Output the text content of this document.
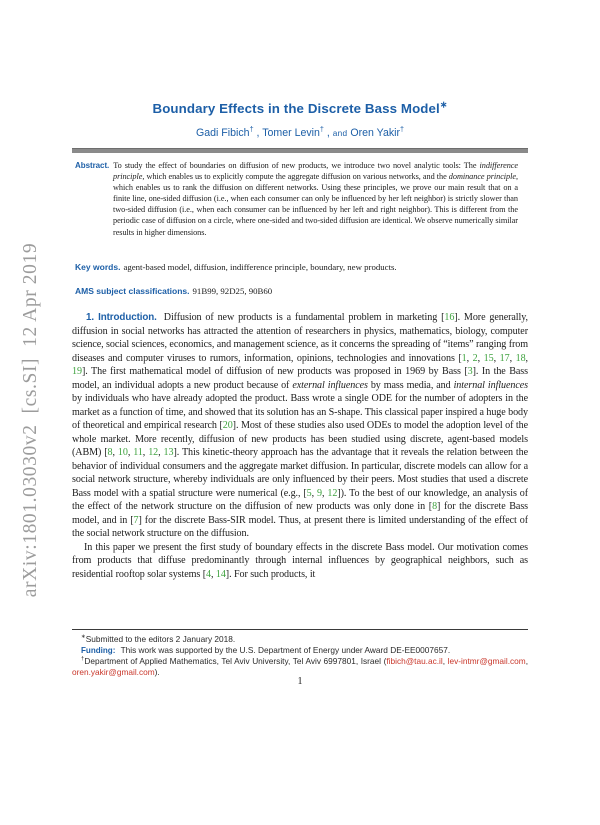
arXiv:1801.03030v2  [cs.SI]  12 Apr 2019
Boundary Effects in the Discrete Bass Model∗
Gadi Fibich† , Tomer Levin† , and Oren Yakir†

Abstract. To study the effect of boundaries on diffusion of new products, we introduce two novel analytic tools: The indifference principle, which enables us to explicitly compute the aggregate diffusion on various networks, and the dominance principle, which enables us to rank the diffusion on different networks. Using these principles, we prove our main result that on a finite line, one-sided diffusion (i.e., when each consumer can only be influenced by her left neighbor) is strictly slower than two-sided diffusion (i.e., when each consumer can be influenced by her left and right neighbor). This is different from the periodic case of diffusion on a circle, where one-sided and two-sided diffusion are identical. We observe numerically similar results in higher dimensions.

Key words. agent-based model, diffusion, indifference principle, boundary, new products.

AMS subject classifications. 91B99, 92D25, 90B60

1. Introduction. Diffusion of new products is a fundamental problem in marketing [16]. More generally, diffusion in social networks has attracted the attention of researchers in physics, mathematics, biology, computer science, social sciences, economics, and management science, as it concerns the spreading of “items” ranging from diseases and computer viruses to rumors, information, opinions, technologies and innovations [1, 2, 15, 17, 18, 19]. The first mathematical model of diffusion of new products was proposed in 1969 by Bass [3]. In the Bass model, an individual adopts a new product because of external influences by mass media, and internal influences by individuals who have already adopted the product. Bass wrote a single ODE for the number of adopters in the market as a function of time, and showed that its solution has an S-shape. This classical paper inspired a huge body of theoretical and empirical research [20]. Most of these studies also used ODEs to model the adoption level of the whole market. More recently, diffusion of new products has been studied using discrete, agent-based models (ABM) [8, 10, 11, 12, 13]. This kinetic-theory approach has the advantage that it reveals the relation between the behavior of individual consumers and the aggregate market diffusion. In particular, discrete models can allow for a social network structure, whereby individuals are only influenced by their peers. Most studies that used a discrete Bass model with a spatial structure were numerical (e.g., [5, 9, 12]). To the best of our knowledge, an analysis of the effect of the network structure on the diffusion of new products was only done in [8] for the discrete Bass model, and in [7] for the discrete Bass-SIR model. Thus, at present there is limited understanding of the effect of the social network structure on the diffusion.

In this paper we present the first study of boundary effects in the discrete Bass model. Our motivation comes from products that diffuse predominantly through internal influences by geographical neighbors, such as residential rooftop solar systems [4, 14]. For such products, it

∗Submitted to the editors 2 January 2018.

Funding: This work was supported by the U.S. Department of Energy under Award DE-EE0007657.

†Department of Applied Mathematics, Tel Aviv University, Tel Aviv 6997801, Israel (fibich@tau.ac.il, lev-intmr@gmail.com, oren.yakir@gmail.com).

1
